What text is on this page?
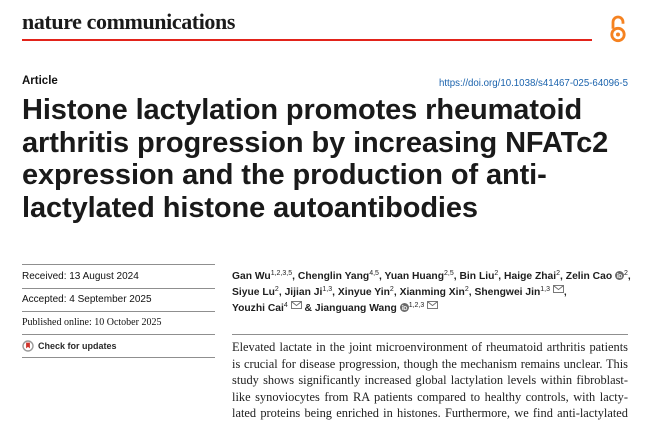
nature communications
Article	https://doi.org/10.1038/s41467-025-64096-5
Histone lactylation promotes rheumatoid
arthritis progression by increasing NFATc2
expression and the production of anti-
lactylated histone autoantibodies
Received: 13 August 2024
Accepted: 4 September 2025
Published online: 10 October 2025
Check for updates
Gan Wu$^{1,2,3,5}$, Chenglin Yang$^{4,5}$, Yuan Huang$^{2,5}$, Bin Liu$^2$, Haige Zhai$^2$, Zelin Cao $^2$,
Siyue Lu$^2$, Jijian Ji$^{1,3}$, Xinyue Yin$^2$, Xianming Xin$^2$, Shengwei Jin$^{1,3}$ ,
Youzhi Cai$^4$ & Jianguang Wang $^{1,2,3}$
Elevated lactate in the joint microenvironment of rheumatoid arthritis patients
is crucial for disease progression, though the mechanism remains unclear. This
study shows significantly increased global lactylation levels within fibroblast-
like synoviocytes from RA patients compared to healthy controls, with lacty-
lated proteins being enriched in histones. Furthermore, we find anti-lactylated
